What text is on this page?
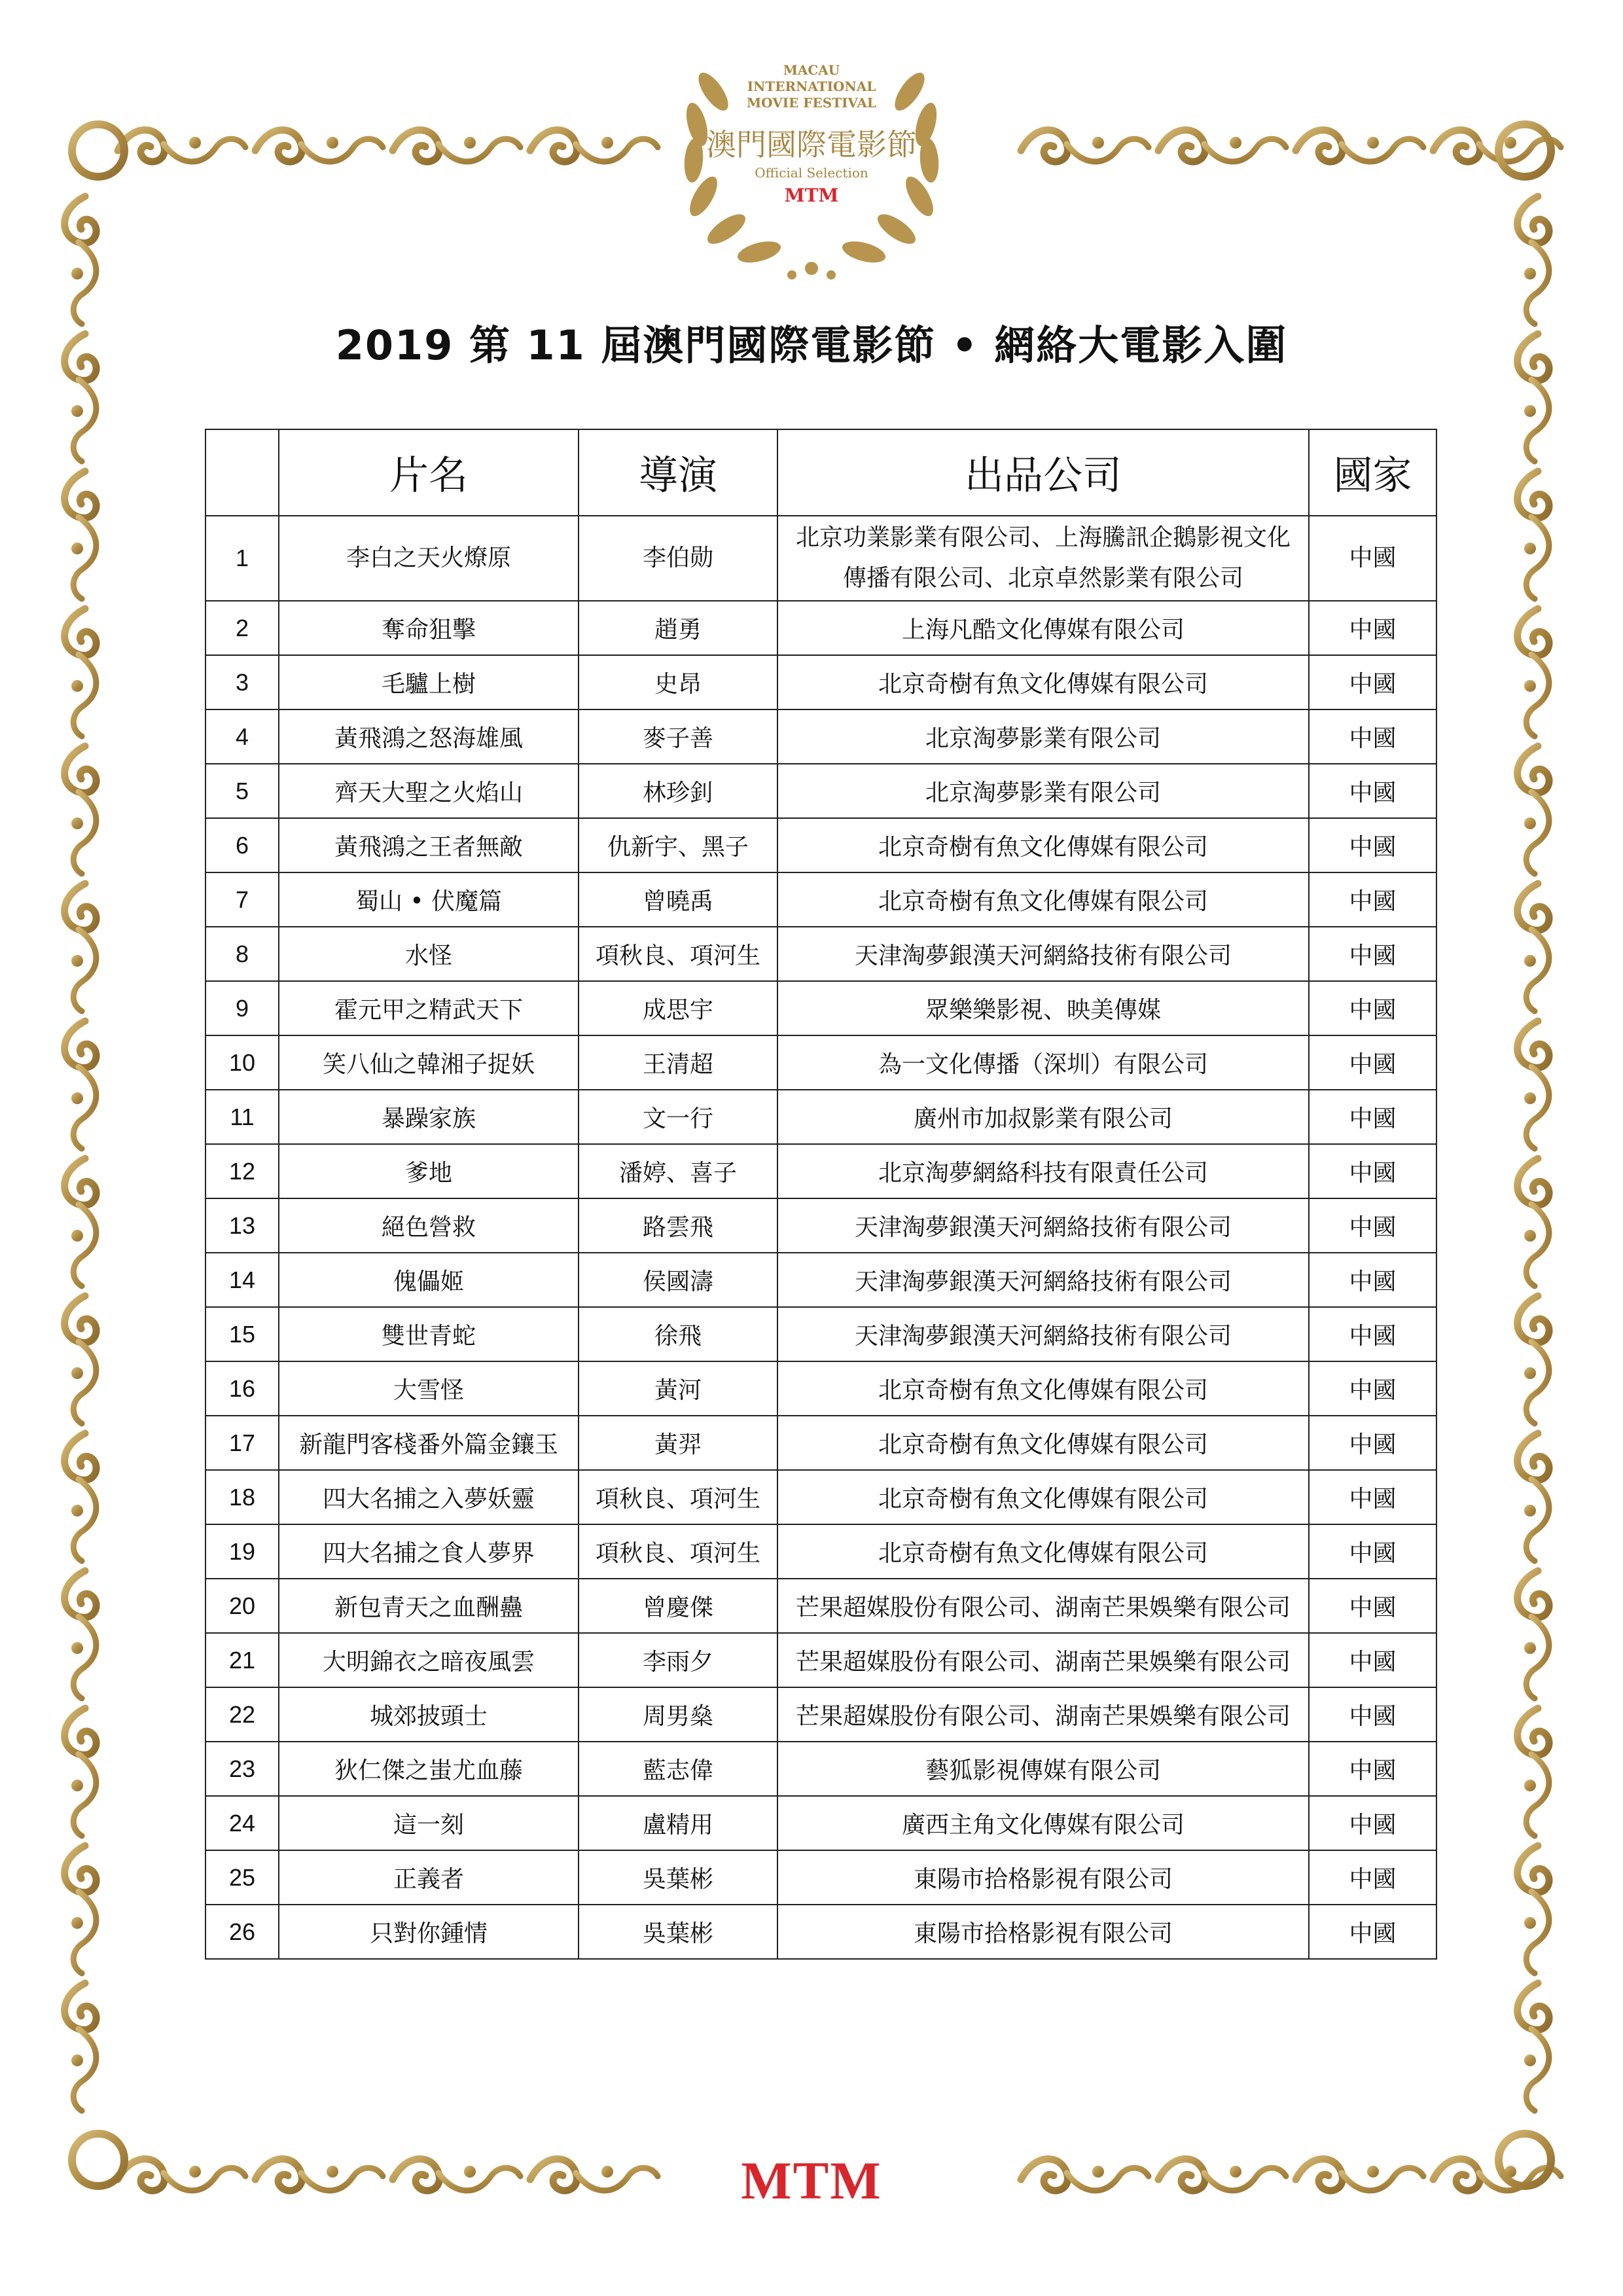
MACAU
INTERNATIONAL
MOVIE FESTIVAL
澳門國際電影節
Official Selection
MTM
2019 第 11 屆澳門國際電影節 • 網絡大電影入圍
	片名	導演	出品公司	國家
1	李白之天火燎原	李伯勋	北京功業影業有限公司、上海騰訊企鵝影視文化
傳播有限公司、北京卓然影業有限公司	中國
2	奪命狙擊	趙勇	上海凡酷文化傳媒有限公司	中國
3	毛驢上樹	史昂	北京奇樹有魚文化傳媒有限公司	中國
4	黃飛鴻之怒海雄風	麥子善	北京淘夢影業有限公司	中國
5	齊天大聖之火焰山	林珍釗	北京淘夢影業有限公司	中國
6	黃飛鴻之王者無敵	仇新宇、黑子	北京奇樹有魚文化傳媒有限公司	中國
7	蜀山 • 伏魔篇	曾曉禹	北京奇樹有魚文化傳媒有限公司	中國
8	水怪	項秋良、項河生	天津淘夢銀漢天河網絡技術有限公司	中國
9	霍元甲之精武天下	成思宇	眾樂樂影視、映美傳媒	中國
10	笑八仙之韓湘子捉妖	王清超	為一文化傳播（深圳）有限公司	中國
11	暴躁家族	文一行	廣州市加叔影業有限公司	中國
12	爹地	潘婷、喜子	北京淘夢網絡科技有限責任公司	中國
13	絕色營救	路雲飛	天津淘夢銀漢天河網絡技術有限公司	中國
14	傀儡姬	侯國濤	天津淘夢銀漢天河網絡技術有限公司	中國
15	雙世青蛇	徐飛	天津淘夢銀漢天河網絡技術有限公司	中國
16	大雪怪	黃河	北京奇樹有魚文化傳媒有限公司	中國
17	新龍門客棧番外篇金鑲玉	黃羿	北京奇樹有魚文化傳媒有限公司	中國
18	四大名捕之入夢妖靈	項秋良、項河生	北京奇樹有魚文化傳媒有限公司	中國
19	四大名捕之食人夢界	項秋良、項河生	北京奇樹有魚文化傳媒有限公司	中國
20	新包青天之血酬蠱	曾慶傑	芒果超媒股份有限公司、湖南芒果娛樂有限公司	中國
21	大明錦衣之暗夜風雲	李雨夕	芒果超媒股份有限公司、湖南芒果娛樂有限公司	中國
22	城郊披頭士	周男燊	芒果超媒股份有限公司、湖南芒果娛樂有限公司	中國
23	狄仁傑之蚩尤血藤	藍志偉	藝狐影視傳媒有限公司	中國
24	這一刻	盧精用	廣西主角文化傳媒有限公司	中國
25	正義者	吳葉彬	東陽市拾格影視有限公司	中國
26	只對你鍾情	吳葉彬	東陽市拾格影視有限公司	中國
MTM
